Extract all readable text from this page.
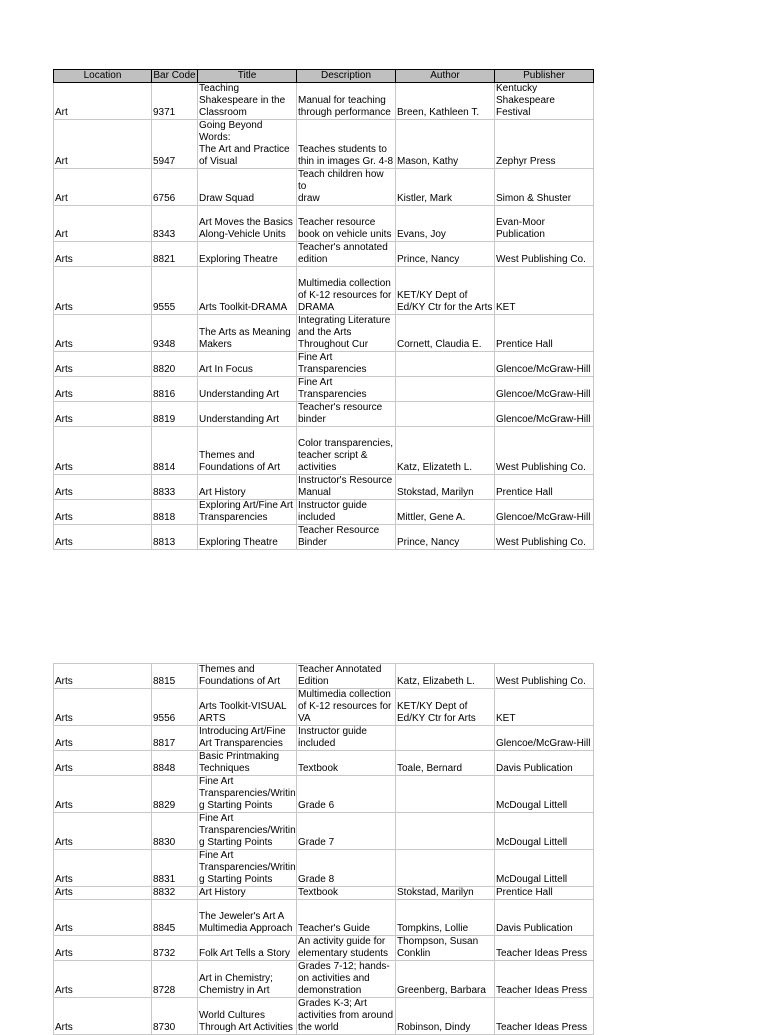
Location	Bar Code	Title	Description	Author	Publisher
Art	9371	Teaching
Shakespeare in the
Classroom	Manual for teaching
through performance	Breen, Kathleen T.	Kentucky
Shakespeare Festival
Art	5947	Going Beyond Words:
The Art and Practice
of Visual	Teaches students to
thin in images Gr. 4-8	Mason, Kathy	Zephyr Press
Art	6756	Draw Squad	Teach children how to
draw	Kistler, Mark	Simon & Shuster
Art	8343	Art Moves the Basics
Along-Vehicle Units	Teacher resource
book on vehicle units	Evans, Joy	Evan-Moor
Publication
Arts	8821	Exploring Theatre	Teacher's annotated
edition	Prince, Nancy	West Publishing Co.
Arts	9555	Arts Toolkit-DRAMA	Multimedia collection
of K-12 resources for
DRAMA	KET/KY Dept of
Ed/KY Ctr for the Arts	KET
Arts	9348	The Arts as Meaning
Makers	Integrating Literature
and the Arts
Throughout Cur	Cornett, Claudia E.	Prentice Hall
Arts	8820	Art In Focus	Fine Art
Transparencies		Glencoe/McGraw-Hill
Arts	8816	Understanding Art	Fine Art
Transparencies		Glencoe/McGraw-Hill
Arts	8819	Understanding Art	Teacher's resource
binder		Glencoe/McGraw-Hill
Arts	8814	Themes and
Foundations of Art	Color transparencies,
teacher script &
activities	Katz, Elizateth L.	West Publishing Co.
Arts	8833	Art History	Instructor's Resource
Manual	Stokstad, Marilyn	Prentice Hall
Arts	8818	Exploring Art/Fine Art
Transparencies	Instructor guide
included	Mittler, Gene A.	Glencoe/McGraw-Hill
Arts	8813	Exploring Theatre	Teacher Resource
Binder	Prince, Nancy	West Publishing Co.
Arts	8815	Themes and
Foundations of Art	Teacher Annotated
Edition	Katz, Elizabeth L.	West Publishing Co.
Arts	9556	Arts Toolkit-VISUAL
ARTS	Multimedia collection
of K-12 resources for
VA	KET/KY Dept of
Ed/KY Ctr for Arts	KET
Arts	8817	Introducing Art/Fine
Art Transparencies	Instructor guide
included		Glencoe/McGraw-Hill
Arts	8848	Basic Printmaking
Techniques	Textbook	Toale, Bernard	Davis Publication
Arts	8829	Fine Art
Transparencies/Writin
g Starting Points	Grade 6		McDougal Littell
Arts	8830	Fine Art
Transparencies/Writin
g Starting Points	Grade 7		McDougal Littell
Arts	8831	Fine Art
Transparencies/Writin
g Starting Points	Grade 8		McDougal Littell
Arts	8832	Art History	Textbook	Stokstad, Marilyn	Prentice Hall
Arts	8845	The Jeweler's Art A
Multimedia Approach	Teacher's Guide	Tompkins, Lollie	Davis Publication
Arts	8732	Folk Art Tells a Story	An activity guide for
elementary students	Thompson, Susan
Conklin	Teacher Ideas Press
Arts	8728	Art in Chemistry;
Chemistry in Art	Grades 7-12; hands-
on activities and
demonstration	Greenberg, Barbara	Teacher Ideas Press
Arts	8730	World Cultures
Through Art Activities	Grades K-3; Art
activities from around
the world	Robinson, Dindy	Teacher Ideas Press
